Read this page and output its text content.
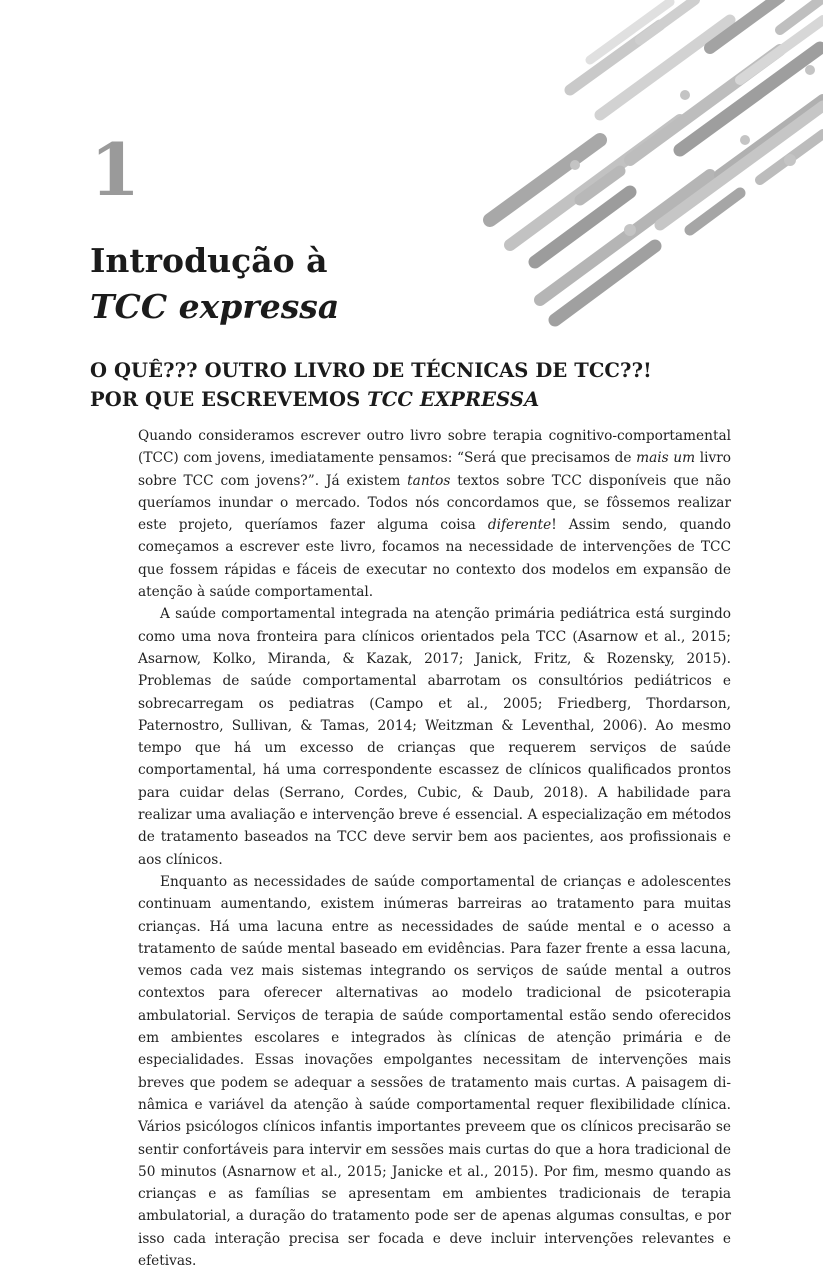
1
Introdução à
TCC expressa
O QUÊ??? OUTRO LIVRO DE TÉCNICAS DE TCC??!
POR QUE ESCREVEMOS TCC EXPRESSA

Quando consideramos escrever outro livro sobre terapia cognitivo-comportamental (TCC) com jovens, imediatamente pensamos: “Será que precisamos de mais um livro sobre TCC com jovens?”. Já existem tantos textos sobre TCC disponíveis que não queríamos inundar o mercado. Todos nós concordamos que, se fôssemos realizar este projeto, queríamos fazer alguma coisa diferente! Assim sendo, quando começamos a escrever este livro, focamos na necessidade de intervenções de TCC que fossem rápidas e fáceis de executar no contexto dos modelos em expansão de atenção à saúde comportamental.

A saúde comportamental integrada na atenção primária pediátrica está surgindo como uma nova fronteira para clínicos orientados pela TCC (Asarnow et al., 2015; Asarnow, Kolko, Miranda, & Kazak, 2017; Janick, Fritz, & Rozensky, 2015). Problemas de saúde comportamental abarrotam os consultórios pediátricos e sobrecarregam os pediatras (Campo et al., 2005; Friedberg, Thordarson, Paternostro, Sullivan, & Tamas, 2014; Weitzman & Leventhal, 2006). Ao mesmo tempo que há um excesso de crianças que requerem serviços de saúde comportamental, há uma correspondente escassez de clínicos qualificados prontos para cuidar delas (Serrano, Cordes, Cubic, & Daub, 2018). A habilidade para realizar uma avaliação e intervenção breve é essencial. A especialização em métodos de tratamento baseados na TCC deve servir bem aos pacientes, aos profissionais e aos clínicos.

Enquanto as necessidades de saúde comportamental de crianças e adolescentes continuam aumentando, existem inúmeras barreiras ao tratamento para muitas crianças. Há uma lacuna entre as necessidades de saúde mental e o acesso a tratamento de saúde mental baseado em evidências. Para fazer frente a essa lacuna, vemos cada vez mais sistemas integrando os serviços de saúde mental a outros contextos para oferecer alternativas ao modelo tradicional de psicoterapia ambulatorial. Serviços de terapia de saúde comportamental estão sendo oferecidos em ambientes escolares e integrados às clínicas de atenção primária e de especialidades. Essas inovações empolgantes necessitam de intervenções mais breves que podem se adequar a sessões de tratamento mais curtas. A paisagem dinâmica e variável da atenção à saúde comportamental requer flexibilidade clínica. Vários psicólogos clínicos infantis importantes preveem que os clínicos precisarão se sentir confortáveis para intervir em sessões mais curtas do que a hora tradicional de 50 minutos (Asnarnow et al., 2015; Janicke et al., 2015). Por fim, mesmo quando as crianças e as famílias se apresentam em ambientes tradicionais de terapia ambulatorial, a duração do tratamento pode ser de apenas algumas consultas, e por isso cada interação precisa ser focada e deve incluir intervenções relevantes e efetivas.
